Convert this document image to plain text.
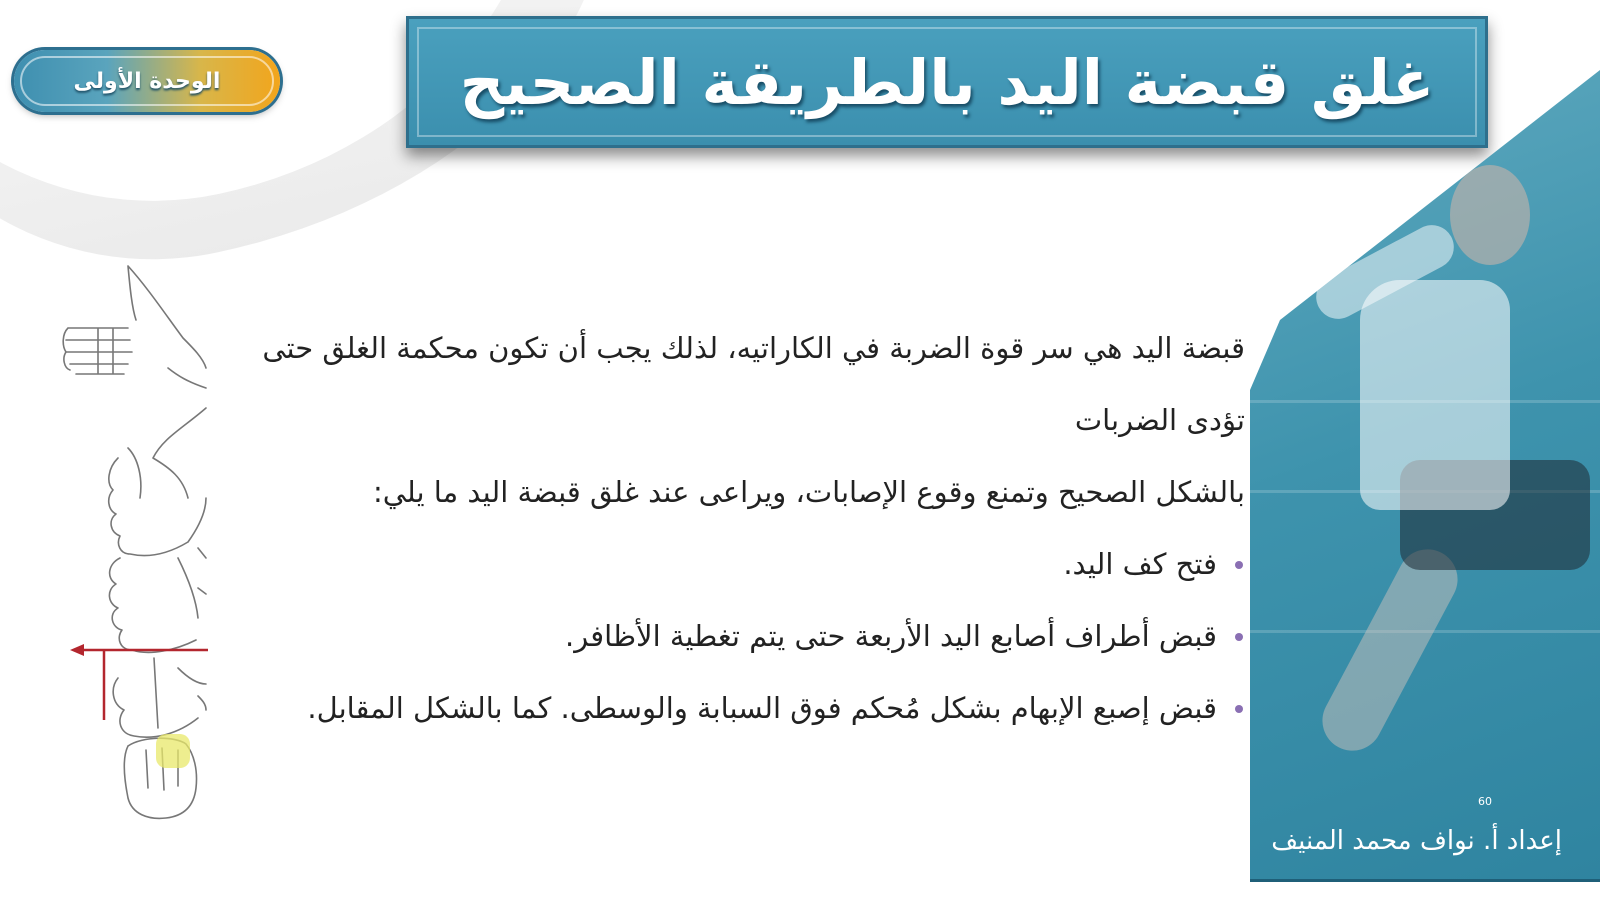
الوحدة الأولى	غلق قبضة اليد بالطريقة الصحيح
60
إعداد أ. نواف محمد المنيف

قبضة اليد هي سر قوة الضربة في الكاراتيه، لذلك يجب أن تكون محكمة الغلق حتى تؤدى الضربات

بالشكل الصحيح وتمنع وقوع الإصابات، ويراعى عند غلق قبضة اليد ما يلي:

فتح كف اليد.
قبض أطراف أصابع اليد الأربعة حتى يتم تغطية الأظافر.
قبض إصبع الإبهام بشكل مُحكم فوق السبابة والوسطى. كما بالشكل المقابل.
